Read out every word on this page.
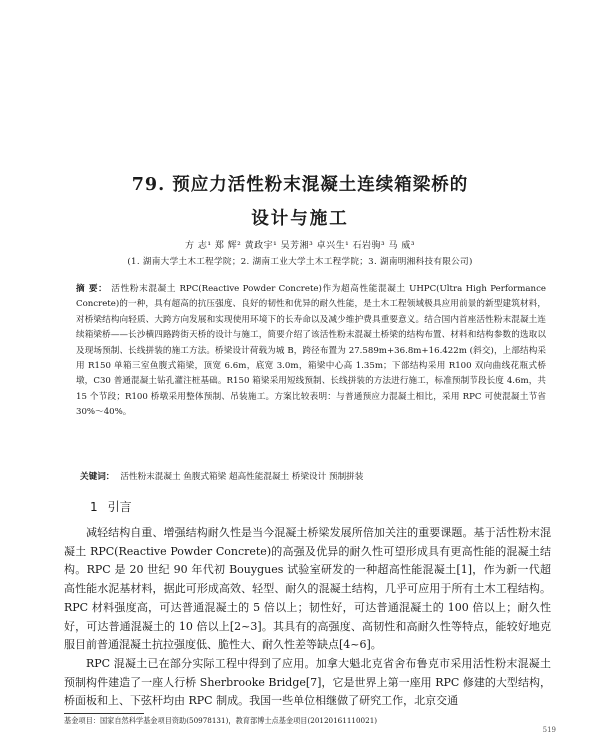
79. 预应力活性粉末混凝土连续箱梁桥的
设计与施工
方 志¹ 郑 辉² 黄政宇¹ 吴芳湘³ 卓兴生¹ 石岩驹³ 马 威³
(1. 湖南大学土木工程学院；2. 湖南工业大学土木工程学院；3. 湖南明湘科技有限公司)
摘 要： 活性粉末混凝土 RPC(Reactive Powder Concrete)作为超高性能混凝土 UHPC(Ultra High Performance Concrete)的一种，具有超高的抗压强度、良好的韧性和优异的耐久性能，是土木工程领域极具应用前景的新型建筑材料，对桥梁结构向轻质、大跨方向发展和实现使用环境下的长寿命以及减少维护费具重要意义。结合国内首座活性粉末混凝土连续箱梁桥——长沙横四路跨街天桥的设计与施工，简要介绍了该活性粉末混凝土桥梁的结构布置、材料和结构参数的选取以及现场预制、长线拼装的施工方法。桥梁设计荷载为城 B，跨径布置为 27.589m+36.8m+16.422m (斜交)，上部结构采用 R150 单箱三室鱼腹式箱梁，顶宽 6.6m，底宽 3.0m，箱梁中心高 1.35m；下部结构采用 R100 双向曲线花瓶式桥墩，C30 普通混凝土钻孔灌注桩基础。R150 箱梁采用短线预制、长线拼装的方法进行施工，标准预制节段长度 4.6m，共 15 个节段；R100 桥墩采用整体预制、吊装施工。方案比较表明：与普通预应力混凝土相比，采用 RPC 可使混凝土节省 30%～40%。
关键词： 活性粉末混凝土 鱼腹式箱梁 超高性能混凝土 桥梁设计 预制拼装
1 引言

减轻结构自重、增强结构耐久性是当今混凝土桥梁发展所倍加关注的重要课题。基于活性粉末混凝土 RPC(Reactive Powder Concrete)的高强及优异的耐久性可望形成具有更高性能的混凝土结构。RPC 是 20 世纪 90 年代初 Bouygues 试验室研发的一种超高性能混凝土[1]，作为新一代超高性能水泥基材料，据此可形成高效、轻型、耐久的混凝土结构，几乎可应用于所有土木工程结构。RPC 材料强度高，可达普通混凝土的 5 倍以上；韧性好，可达普通混凝土的 100 倍以上；耐久性好，可达普通混凝土的 10 倍以上[2~3]。其具有的高强度、高韧性和高耐久性等特点，能较好地克服目前普通混凝土抗拉强度低、脆性大、耐久性差等缺点[4~6]。

RPC 混凝土已在部分实际工程中得到了应用。加拿大魁北克省舍布鲁克市采用活性粉末混凝土预制构件建造了一座人行桥 Sherbrooke Bridge[7]，它是世界上第一座用 RPC 修建的大型结构，桥面板和上、下弦杆均由 RPC 制成。我国一些单位相继做了研究工作，北京交通

基金项目：国家自然科学基金项目资助(50978131)，教育部博士点基金项目(20120161110021)
519
